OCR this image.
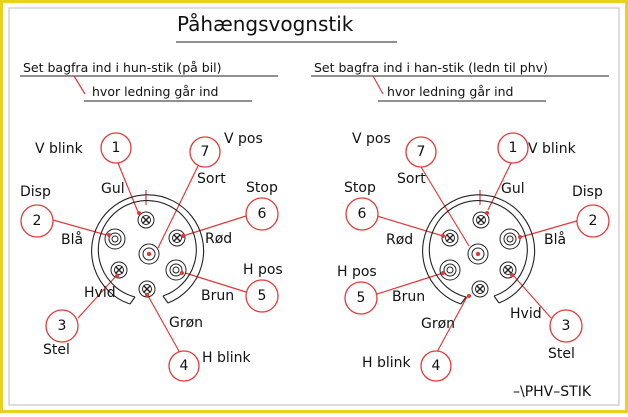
Påhængsvognstik
Set bagfra ind i hun-stik (på bil)
hvor ledning går ind
Set bagfra ind i han-stik (ledn til phv)
hvor ledning går ind
1	7
2	6
5
3
4
V blink
V pos
Disp	Gul
Sort
Stop
Blå	Rød
H pos
Hvid	Brun
Grøn
Stel	H blink
7	1
6	2
5
3
4
V pos
V blink
Stop	Disp
Sort
Gul
Rød	Blå
H pos
Brun
Hvid
Grøn
Stel
H blink
–\PHV–STIK
